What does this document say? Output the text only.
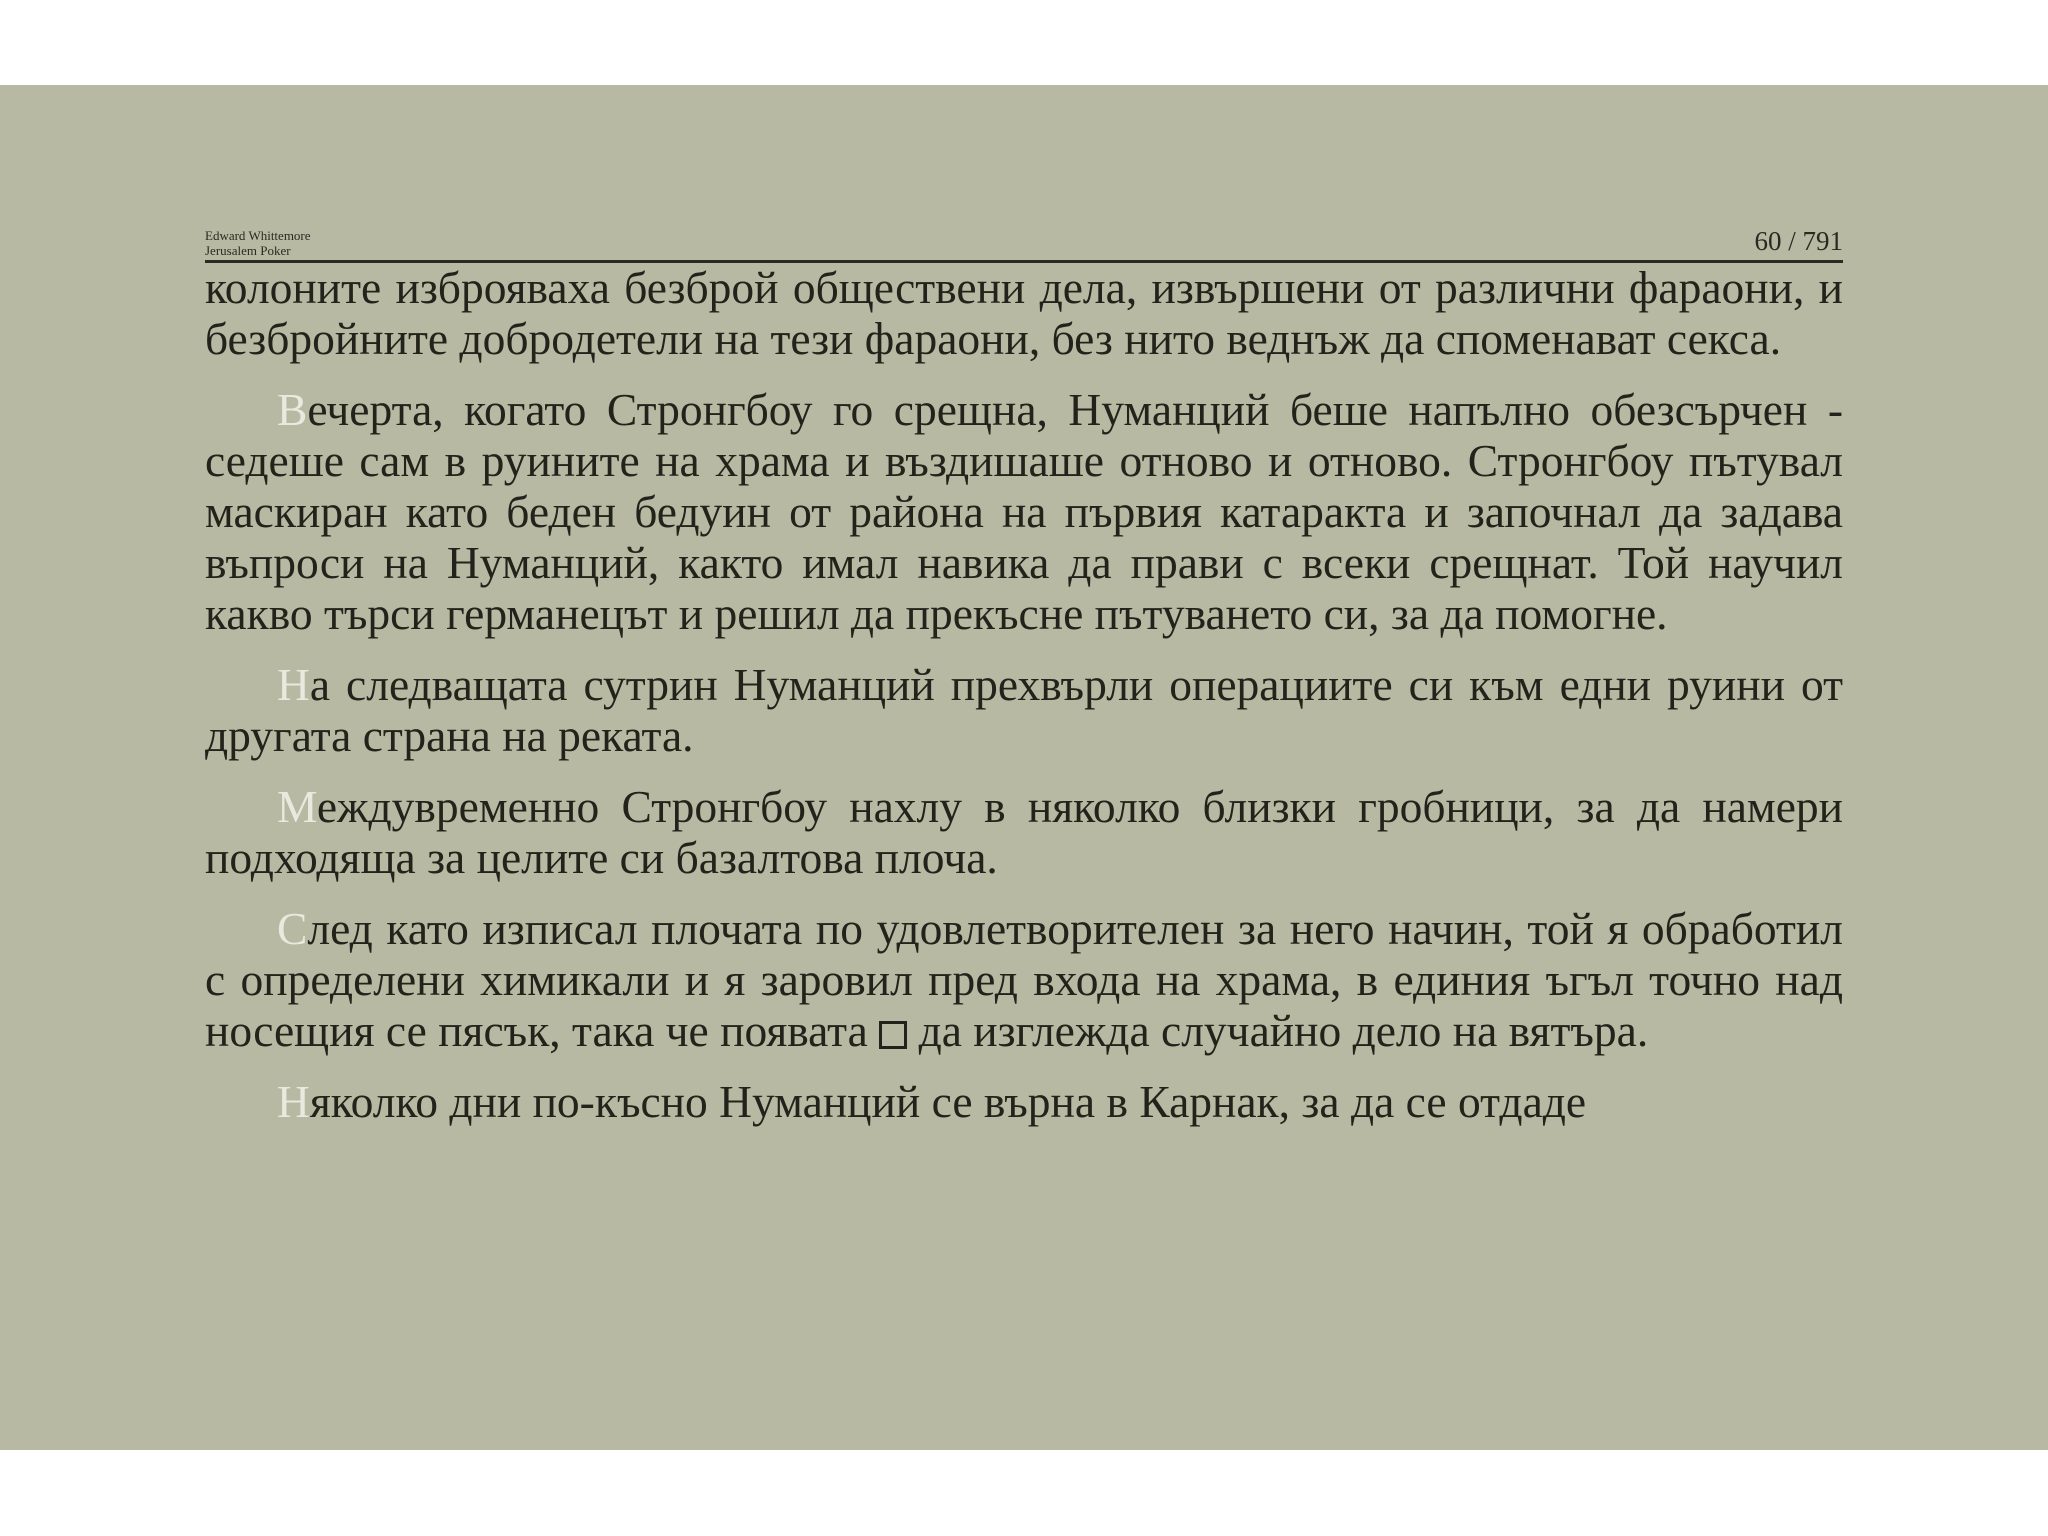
Edward Whittemore
Jerusalem Poker	60 / 791

колоните изброяваха безброй обществени дела, извършени от различни фараони, и безбройните добродетели на тези фараони, без нито веднъж да споменават секса.

Вечерта, когато Стронгбоу го срещна, Нуманций беше напълно обезсърчен - седеше сам в руините на храма и въздишаше отново и отново. Стронгбоу пътувал маскиран като беден бедуин от района на първия катаракта и започнал да задава въпроси на Нуманций, както имал навика да прави с всеки срещнат. Той научил какво търси германецът и решил да прекъсне пътуването си, за да помогне.

На следващата сутрин Нуманций прехвърли операциите си към едни руини от другата страна на реката.

Междувременно Стронгбоу нахлу в няколко близки гробници, за да намери подходяща за целите си базалтова плоча.

След като изписал плочата по удовлетворителен за него начин, той я обработил с определени химикали и я заровил пред входа на храма, в единия ъгъл точно над носещия се пясък, така че появата да изглежда случайно дело на вятъра.

Няколко дни по-късно Нуманций се върна в Карнак, за да се отдаде
